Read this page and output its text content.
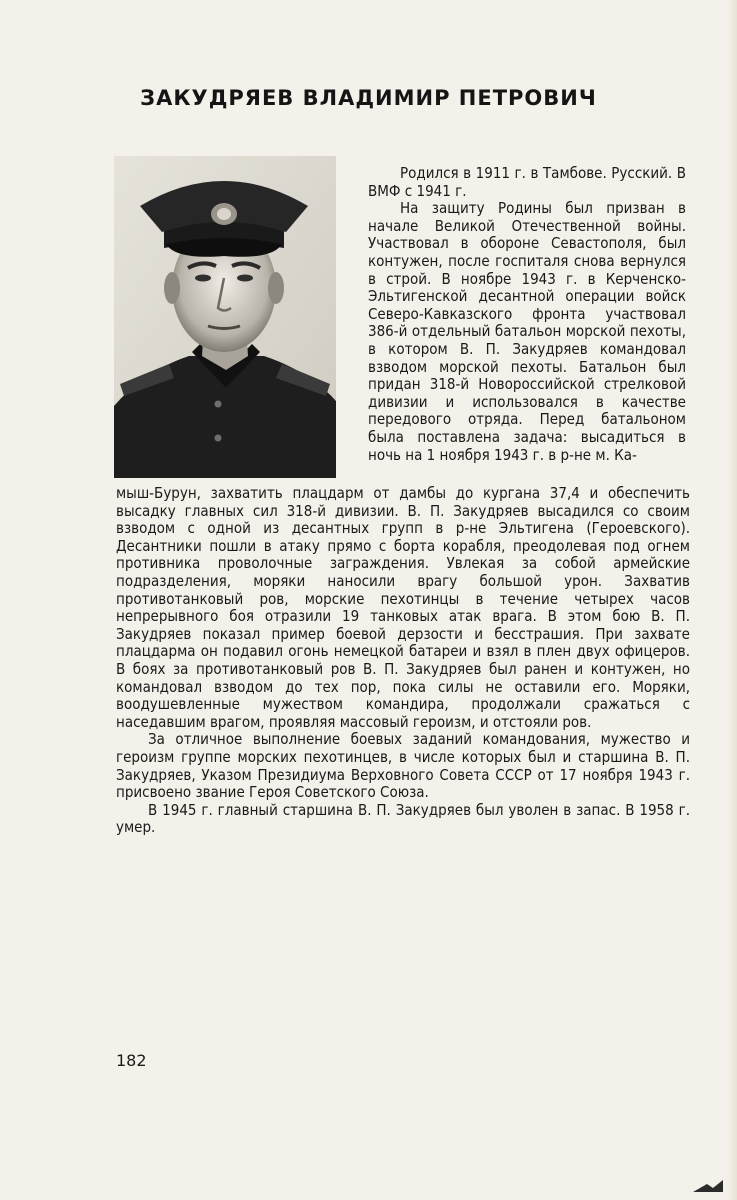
ЗАКУДРЯЕВ ВЛАДИМИР ПЕТРОВИЧ

Родился в 1911 г. в Тамбове. Русский. В ВМФ с 1941 г.

На защиту Родины был призван в начале Великой Отечественной войны. Участвовал в обороне Севастополя, был контужен, после госпиталя снова вернулся в строй. В ноябре 1943 г. в Керченско-Эльтигенской десантной операции войск Северо-Кавказского фронта участвовал 386-й отдельный батальон морской пехоты, в котором В. П. Закудряев командовал взводом морской пехоты. Батальон был придан 318-й Новороссийской стрелковой дивизии и использовался в качестве передового отряда. Перед батальоном была поставлена задача: высадиться в ночь на 1 ноября 1943 г. в р-не м. Ка-

мыш-Бурун, захватить плацдарм от дамбы до кургана 37,4 и обеспечить высадку главных сил 318-й дивизии. В. П. Закудряев высадился со своим взводом с одной из десантных групп в р-не Эльтигена (Героевского). Десантники пошли в атаку прямо с борта корабля, преодолевая под огнем противника проволочные заграждения. Увлекая за собой армейские подразделения, моряки наносили врагу большой урон. Захватив противотанковый ров, морские пехотинцы в течение четырех часов непрерывного боя отразили 19 танковых атак врага. В этом бою В. П. Закудряев показал пример боевой дерзости и бесстрашия. При захвате плацдарма он подавил огонь немецкой батареи и взял в плен двух офицеров. В боях за противотанковый ров В. П. Закудряев был ранен и контужен, но командовал взводом до тех пор, пока силы не оставили его. Моряки, воодушевленные мужеством командира, продолжали сражаться с наседавшим врагом, проявляя массовый героизм, и отстояли ров.

За отличное выполнение боевых заданий командования, мужество и героизм группе морских пехотинцев, в числе которых был и старшина В. П. Закудряев, Указом Президиума Верховного Совета СССР от 17 ноября 1943 г. присвоено звание Героя Советского Союза.

В 1945 г. главный старшина В. П. Закудряев был уволен в запас. В 1958 г. умер.

182
